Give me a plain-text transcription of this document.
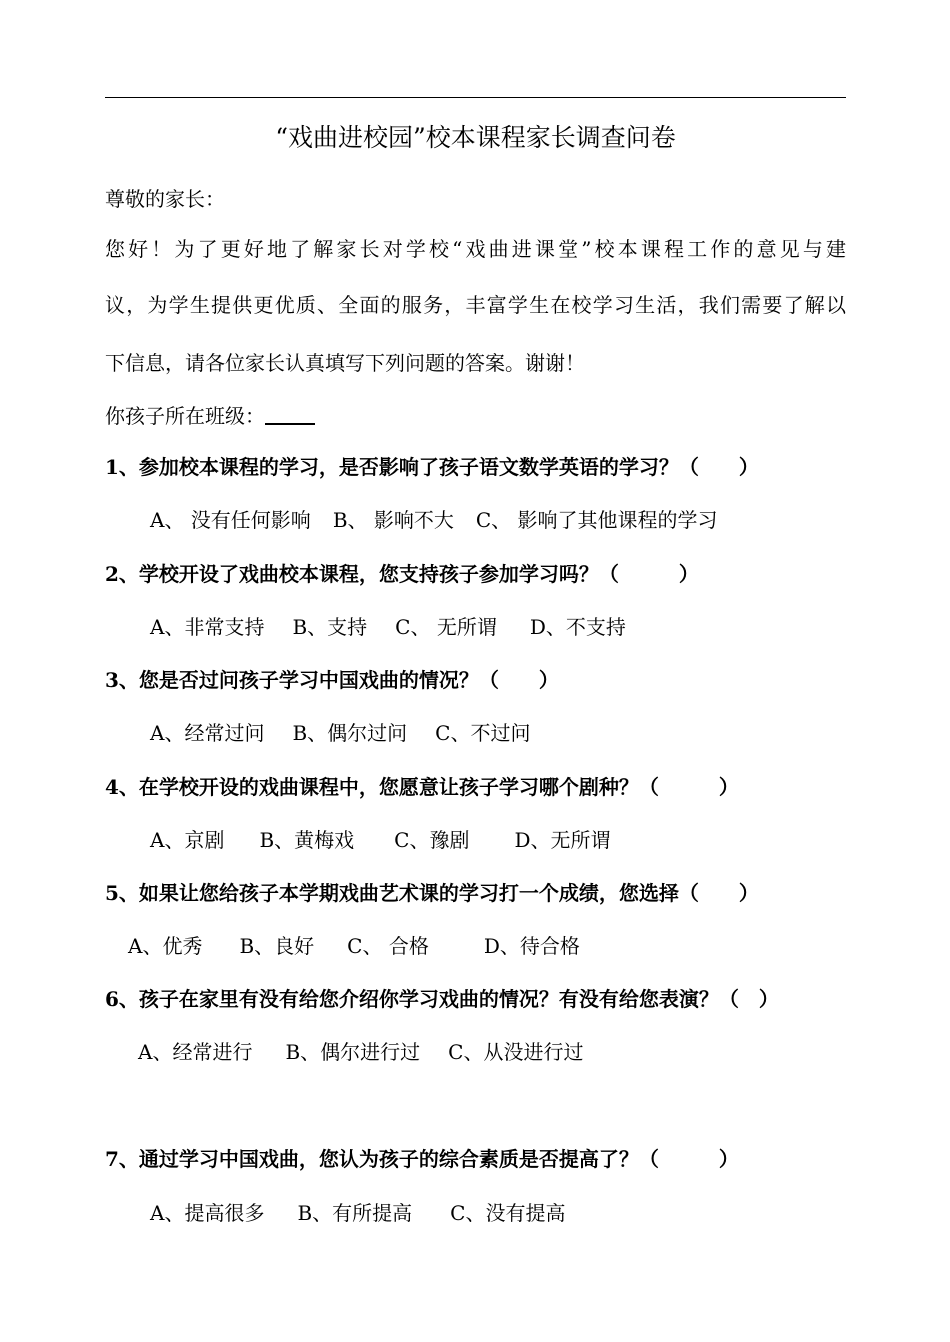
“戏曲进校园”校本课程家长调查问卷
尊敬的家长：
您好！为了更好地了解家长对学校“戏曲进课堂”校本课程工作的意见与建
议，为学生提供更优质、全面的服务，丰富学生在校学习生活，我们需要了解以
下信息，请各位家长认真填写下列问题的答案。谢谢！
你孩子所在班级：
1、参加校本课程的学习，是否影响了孩子语文数学英语的学习？（　　）
A、 没有任何影响 B、 影响不大 C、 影响了其他课程的学习
2、学校开设了戏曲校本课程，您支持孩子参加学习吗？（　　　）
A、非常支持 B、支持 C、 无所谓 D、不支持
3、您是否过问孩子学习中国戏曲的情况？（　　）
A、经常过问 B、偶尔过问 C、不过问
4、在学校开设的戏曲课程中，您愿意让孩子学习哪个剧种？（　　　）
A、京剧 B、黄梅戏 C、豫剧 D、无所谓
5、如果让您给孩子本学期戏曲艺术课的学习打一个成绩，您选择（　　）
A、优秀 B、良好 C、 合格	D、待合格
6、孩子在家里有没有给您介绍你学习戏曲的情况？有没有给您表演？（　）
A、经常进行 B、偶尔进行过 C、从没进行过
7、通过学习中国戏曲，您认为孩子的综合素质是否提高了？（　　　）
A、提高很多 B、有所提高 C、没有提高
